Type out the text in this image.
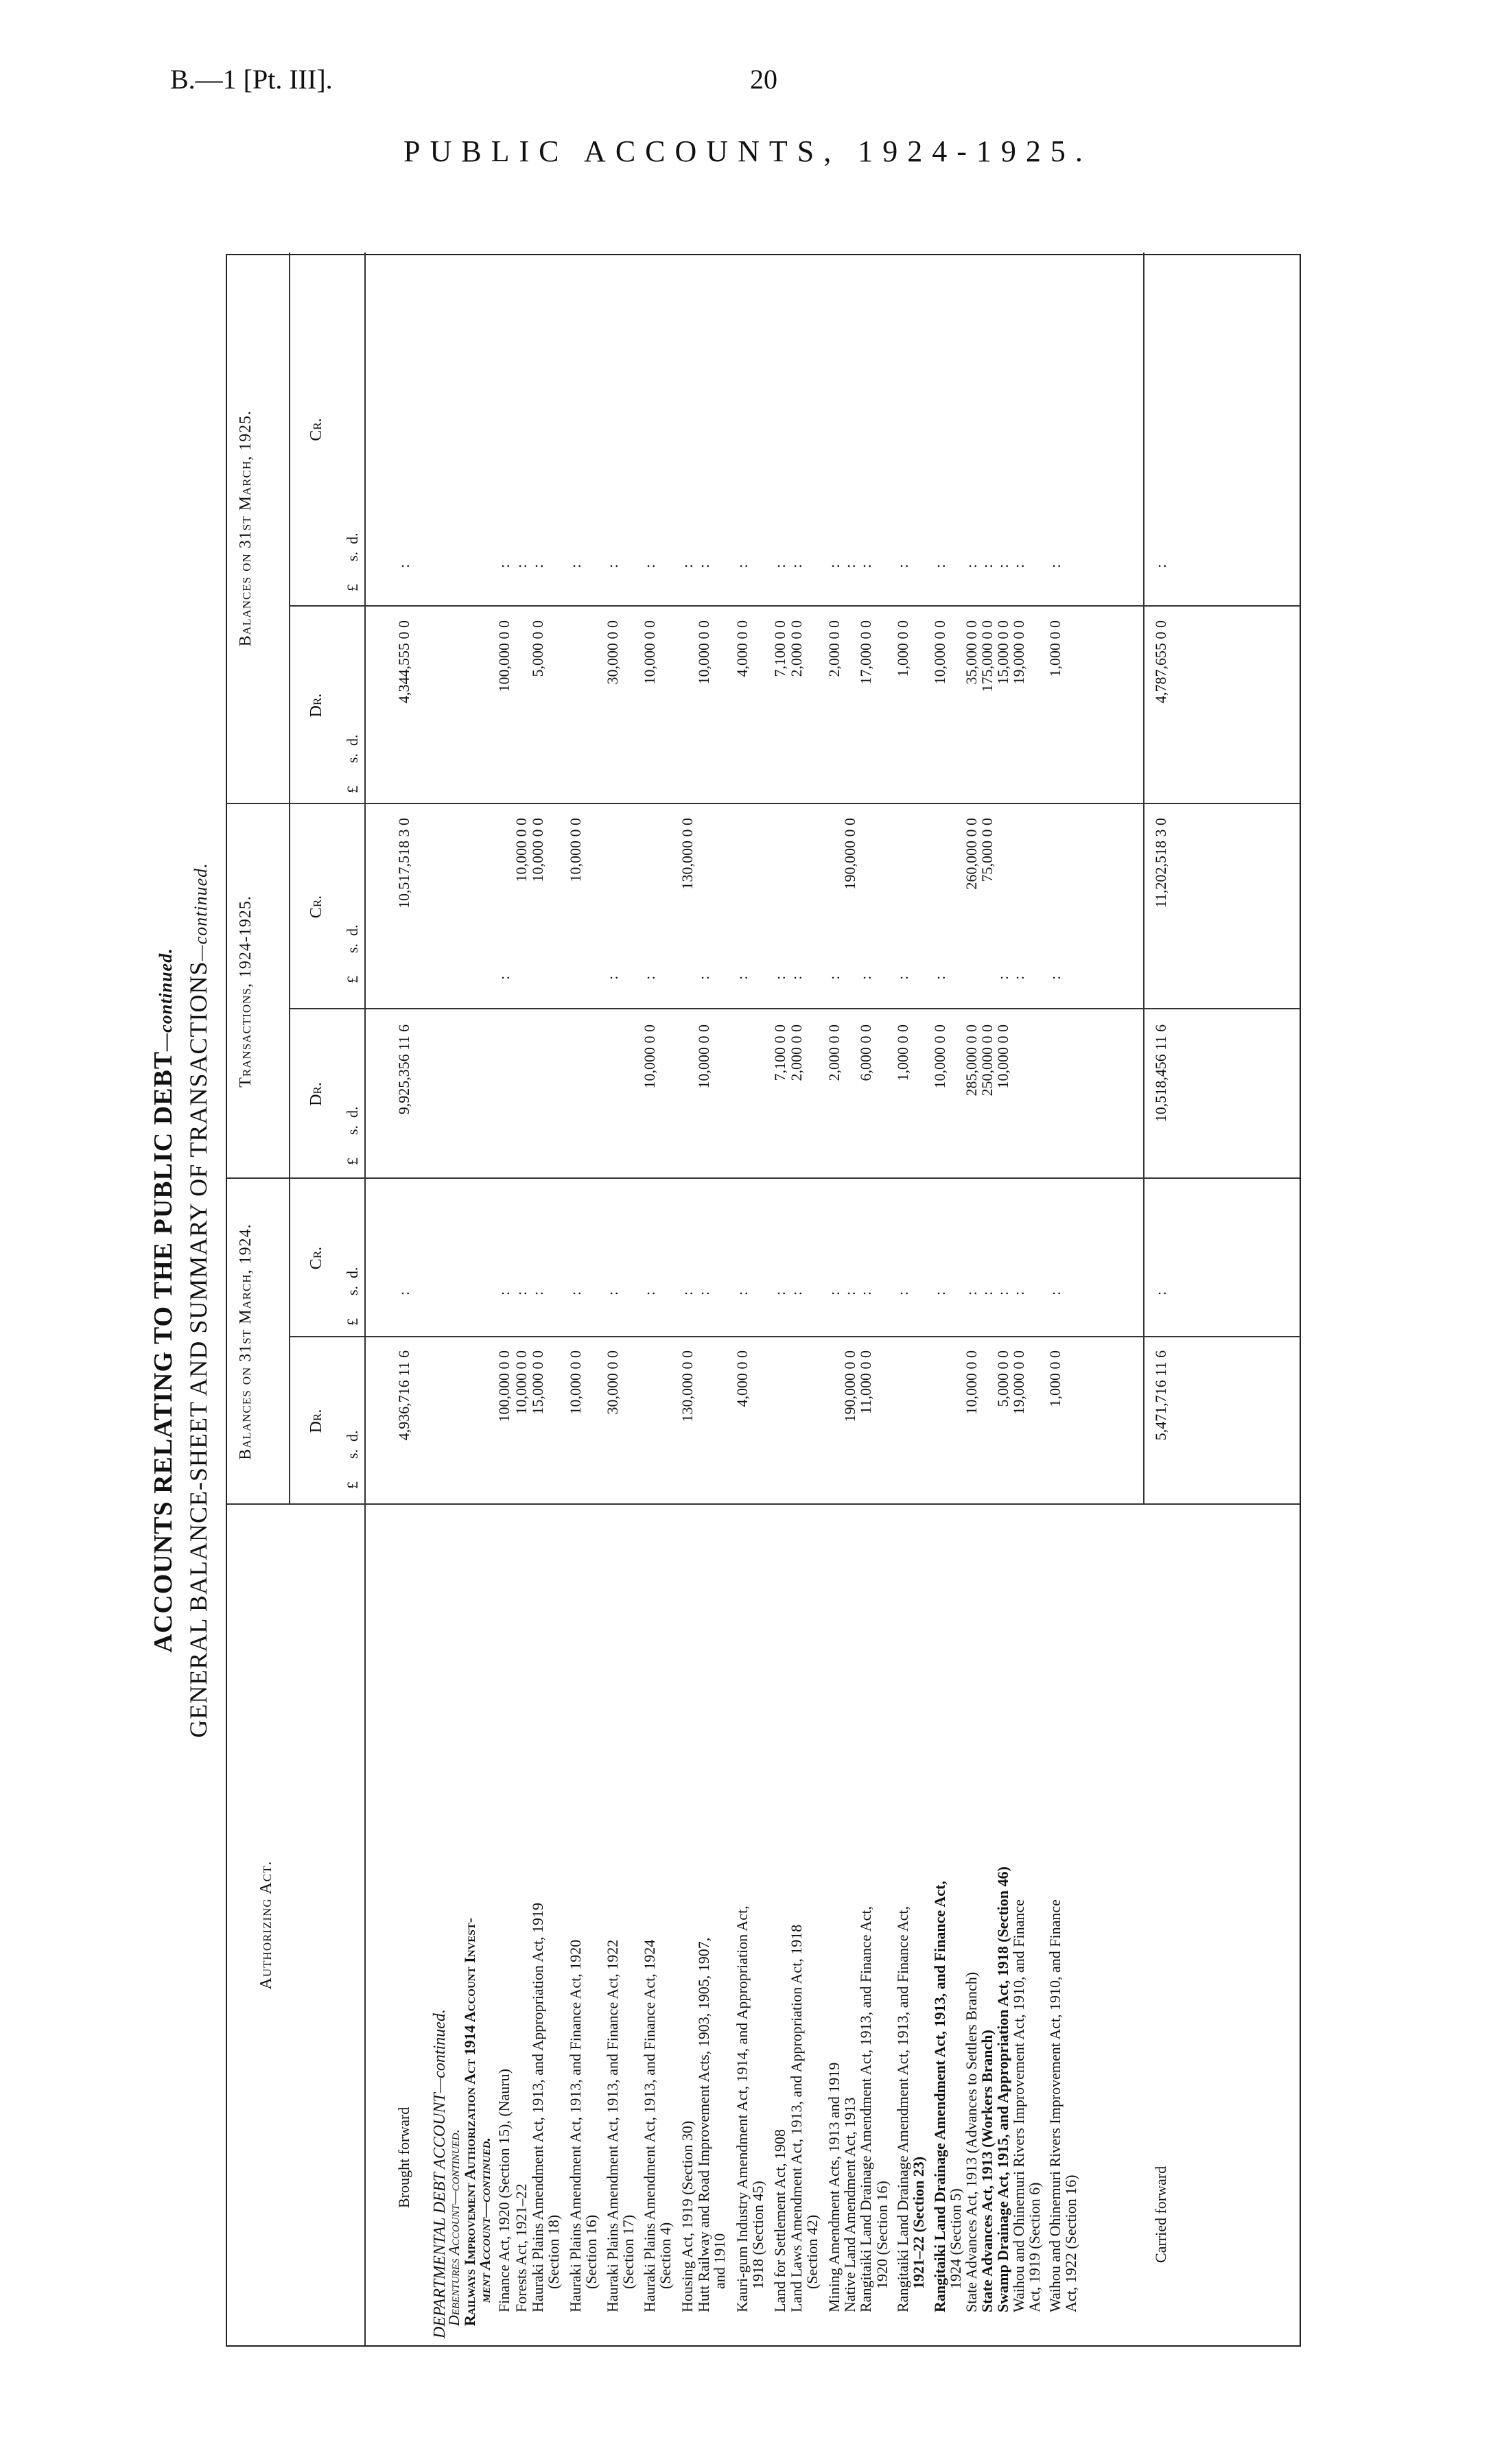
B.—1 [Pt. III].	20
PUBLIC ACCOUNTS, 1924-1925.
ACCOUNTS RELATING TO THE PUBLIC DEBT—continued. GENERAL BALANCE-SHEET AND SUMMARY OF TRANSACTIONS—continued.
Authorizing Act.
Balances on 31st March, 1924.
Transactions, 1924-1925.
Balances on 31st March, 1925.
Dr.
Cr.
Dr.
Cr.
Dr.
Cr.
£      s.  d.
£      s.  d.
£      s.  d.
£      s.  d.
£      s.  d.
£      s.  d.
Brought forward
4,936,716 11 6
9,925,356 11 6
10,517,518 3 0
4,344,555 0 0
:
:
DEPARTMENTAL DEBT ACCOUNT—continued.
Debentures Account—continued.
Railways Improvement Authorization Act 1914 Account Invest-
ment Account—continued. Finance Act, 1920 (Section 15), (Nauru)
100,000 0 0
100,000 0 0
:
:
:
Forests Act, 1921–22
10,000 0 0
10,000 0 0
:
:
Hauraki Plains Amendment Act, 1913, and Appropriation Act, 1919
15,000 0 0
10,000 0 0
5,000 0 0
:
:
(Section 18) Hauraki Plains Amendment Act, 1913, and Finance Act, 1920
10,000 0 0
10,000 0 0
:
:
(Section 16) Hauraki Plains Amendment Act, 1913, and Finance Act, 1922
30,000 0 0
30,000 0 0
:
:
:
(Section 17) Hauraki Plains Amendment Act, 1913, and Finance Act, 1924
10,000 0 0
10,000 0 0
:
:
:
(Section 4) Housing Act, 1919 (Section 30)
130,000 0 0
130,000 0 0
:
:
Hutt Railway and Road Improvement Acts, 1903, 1905, 1907,
10,000 0 0
10,000 0 0
:
:
:
and 1910 Kauri-gum Industry Amendment Act, 1914, and Appropriation Act,
4,000 0 0
4,000 0 0
:
:
:
1918 (Section 45) Land for Settlement Act, 1908
7,100 0 0
7,100 0 0
:
:
:
Land Laws Amendment Act, 1913, and Appropriation Act, 1918
2,000 0 0
2,000 0 0
:
:
:
(Section 42) Mining Amendment Acts, 1913 and 1919
2,000 0 0
2,000 0 0
:
:
:
Native Land Amendment Act, 1913
190,000 0 0
190,000 0 0
:
:
Rangitaiki Land Drainage Amendment Act, 1913, and Finance Act,
11,000 0 0
6,000 0 0
17,000 0 0
:
:
:
1920 (Section 16) Rangitaiki Land Drainage Amendment Act, 1913, and Finance Act,
1,000 0 0
1,000 0 0
:
:
:
1921–22 (Section 23) Rangitaiki Land Drainage Amendment Act, 1913, and Finance Act,
10,000 0 0
10,000 0 0
:
:
:
1924 (Section 5)
State Advances Act, 1913 (Advances to Settlers Branch)
10,000 0 0
285,000 0 0
260,000 0 0
35,000 0 0
:
:
State Advances Act, 1913 (Workers Branch)
250,000 0 0
75,000 0 0
175,000 0 0
:
:
Swamp Drainage Act, 1915, and Appropriation Act, 1918 (Section 46)
5,000 0 0
10,000 0 0
15,000 0 0
:
:
:
Waihou and Ohinemuri Rivers Improvement Act, 1910, and Finance
19,000 0 0
19,000 0 0
:
:
:
Act, 1919 (Section 6) Waihou and Ohinemuri Rivers Improvement Act, 1910, and Finance
1,000 0 0
1,000 0 0
:
:
:
Act, 1922 (Section 16)	Carried forward
5,471,716 11 6
10,518,456 11 6
11,202,518 3 0
4,787,655 0 0
:
:
